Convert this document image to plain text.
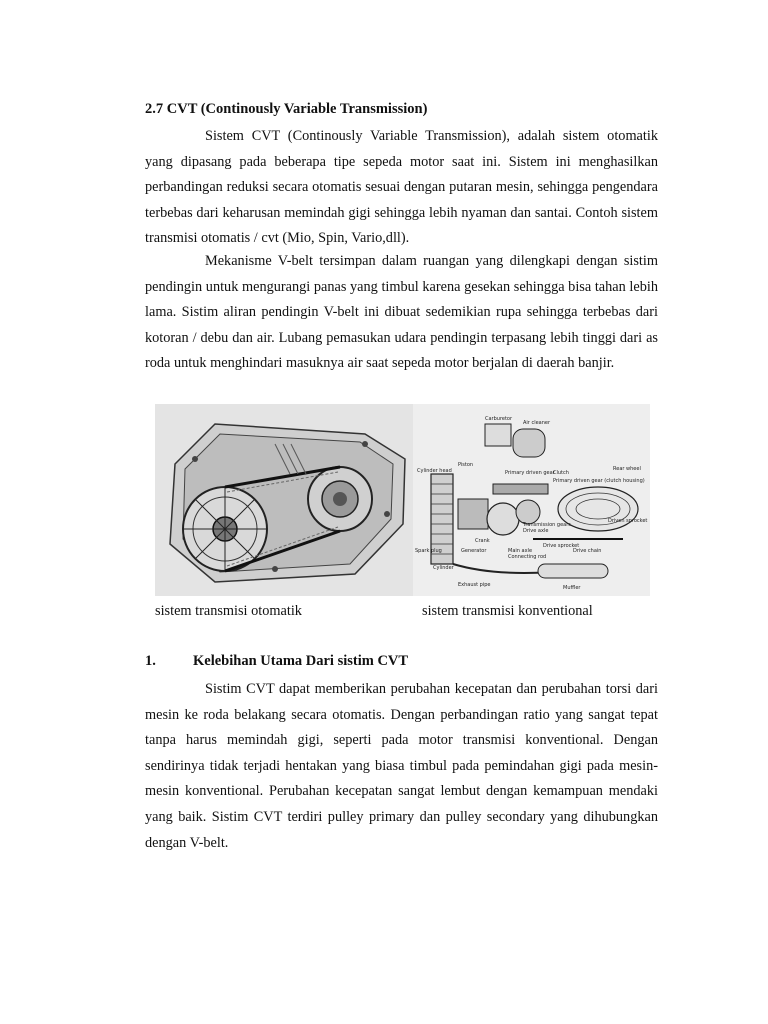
2.7 CVT (Continously Variable Transmission)

Sistem CVT (Continously Variable Transmission), adalah sistem otomatik yang dipasang pada beberapa tipe sepeda motor saat ini. Sistem ini menghasilkan perbandingan reduksi secara otomatis sesuai dengan putaran mesin, sehingga pengendara terbebas dari keharusan memindah gigi sehingga lebih nyaman dan santai. Contoh sistem transmisi otomatis / cvt (Mio, Spin, Vario,dll).

Mekanisme V-belt tersimpan dalam ruangan yang dilengkapi dengan sistim pendingin untuk mengurangi panas yang timbul karena gesekan sehingga bisa tahan lebih lama. Sistim aliran pendingin V-belt ini dibuat sedemikian rupa sehingga terbebas dari kotoran / debu dan air. Lubang pemasukan udara pendingin terpasang lebih tinggi dari as roda untuk menghindari masuknya air saat sepeda motor berjalan di daerah banjir.

Carburetor
Air cleaner
Piston
Cylinder head	Primary driven gear
Clutch
Primary driven gear (clutch housing)
Rear wheel
Transmission gears
Drive axle
Driven sprocket
Drive sprocket
Crank
Spark plug	Generator	Main axle
Connecting rod
Drive chain
Cylinder
Exhaust pipe	Muffler

sistem transmisi otomatik	sistem transmisi konventional

1.	Kelebihan Utama Dari sistim CVT

Sistim CVT dapat memberikan perubahan kecepatan dan perubahan torsi dari mesin ke roda belakang secara otomatis. Dengan perbandingan ratio yang sangat tepat tanpa harus memindah gigi, seperti pada motor transmisi konventional. Dengan sendirinya tidak terjadi hentakan yang biasa timbul pada pemindahan gigi pada mesin-mesin konventional. Perubahan kecepatan sangat lembut dengan kemampuan mendaki yang baik. Sistim CVT terdiri pulley primary dan pulley secondary yang dihubungkan dengan V-belt.
